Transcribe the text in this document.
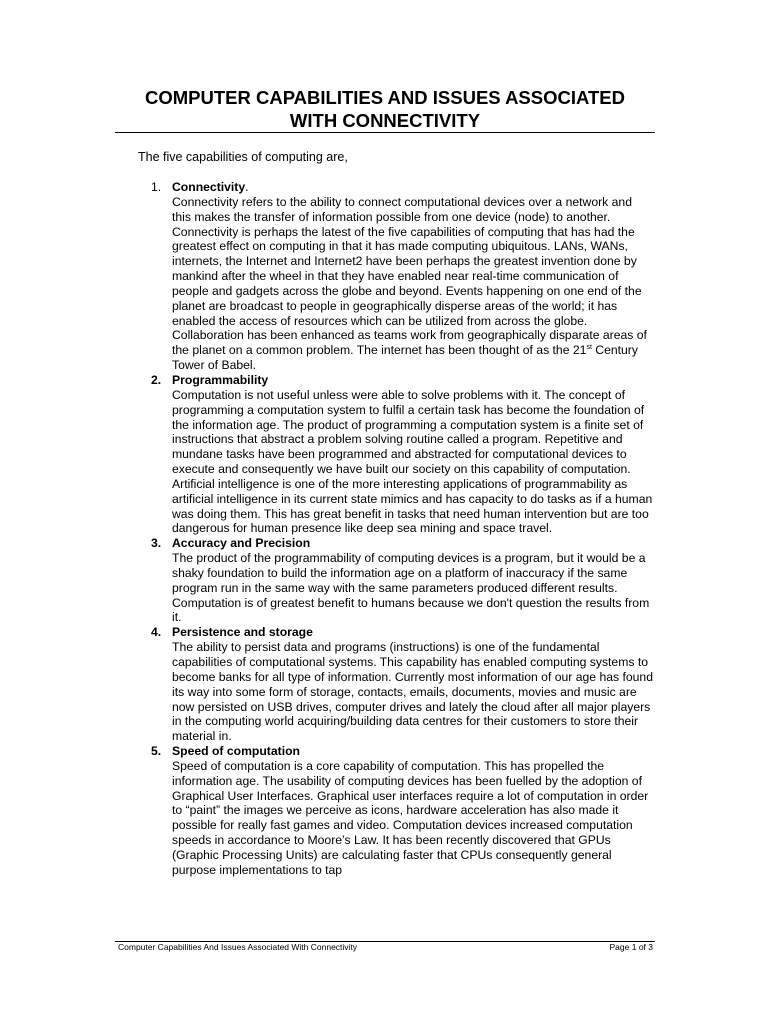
COMPUTER CAPABILITIES AND ISSUES ASSOCIATED
WITH CONNECTIVITY
The five capabilities of computing are,
1. Connectivity.

Connectivity refers to the ability to connect computational devices over a network and this makes the transfer of information possible from one device (node) to another. Connectivity is perhaps the latest of the five capabilities of computing that has had the greatest effect on computing in that it has made computing ubiquitous. LANs, WANs, internets, the Internet and Internet2 have been perhaps the greatest invention done by mankind after the wheel in that they have enabled near real-time communication of people and gadgets across the globe and beyond. Events happening on one end of the planet are broadcast to people in geographically disperse areas of the world; it has enabled the access of resources which can be utilized from across the globe. Collaboration has been enhanced as teams work from geographically disparate areas of the planet on a common problem. The internet has been thought of as the 21st Century Tower of Babel.

2. Programmability

Computation is not useful unless were able to solve problems with it. The concept of programming a computation system to fulfil a certain task has become the foundation of the information age. The product of programming a computation system is a finite set of instructions that abstract a problem solving routine called a program. Repetitive and mundane tasks have been programmed and abstracted for computational devices to execute and consequently we have built our society on this capability of computation. Artificial intelligence is one of the more interesting applications of programmability as artificial intelligence in its current state mimics and has capacity to do tasks as if a human was doing them. This has great benefit in tasks that need human intervention but are too dangerous for human presence like deep sea mining and space travel.

3. Accuracy and Precision

The product of the programmability of computing devices is a program, but it would be a shaky foundation to build the information age on a platform of inaccuracy if the same program run in the same way with the same parameters produced different results. Computation is of greatest benefit to humans because we don't question the results from it.

4. Persistence and storage

The ability to persist data and programs (instructions) is one of the fundamental capabilities of computational systems. This capability has enabled computing systems to become banks for all type of information. Currently most information of our age has found its way into some form of storage, contacts, emails, documents, movies and music are now persisted on USB drives, computer drives and lately the cloud after all major players in the computing world acquiring/building data centres for their customers to store their material in.

5. Speed of computation

Speed of computation is a core capability of computation. This has propelled the information age. The usability of computing devices has been fuelled by the adoption of Graphical User Interfaces. Graphical user interfaces require a lot of computation in order to “paint” the images we perceive as icons, hardware acceleration has also made it possible for really fast games and video. Computation devices increased computation speeds in accordance to Moore’s Law. It has been recently discovered that GPUs (Graphic Processing Units) are calculating faster that CPUs consequently general purpose implementations to tap

Computer Capabilities And Issues Associated With Connectivity	Page 1 of 3
